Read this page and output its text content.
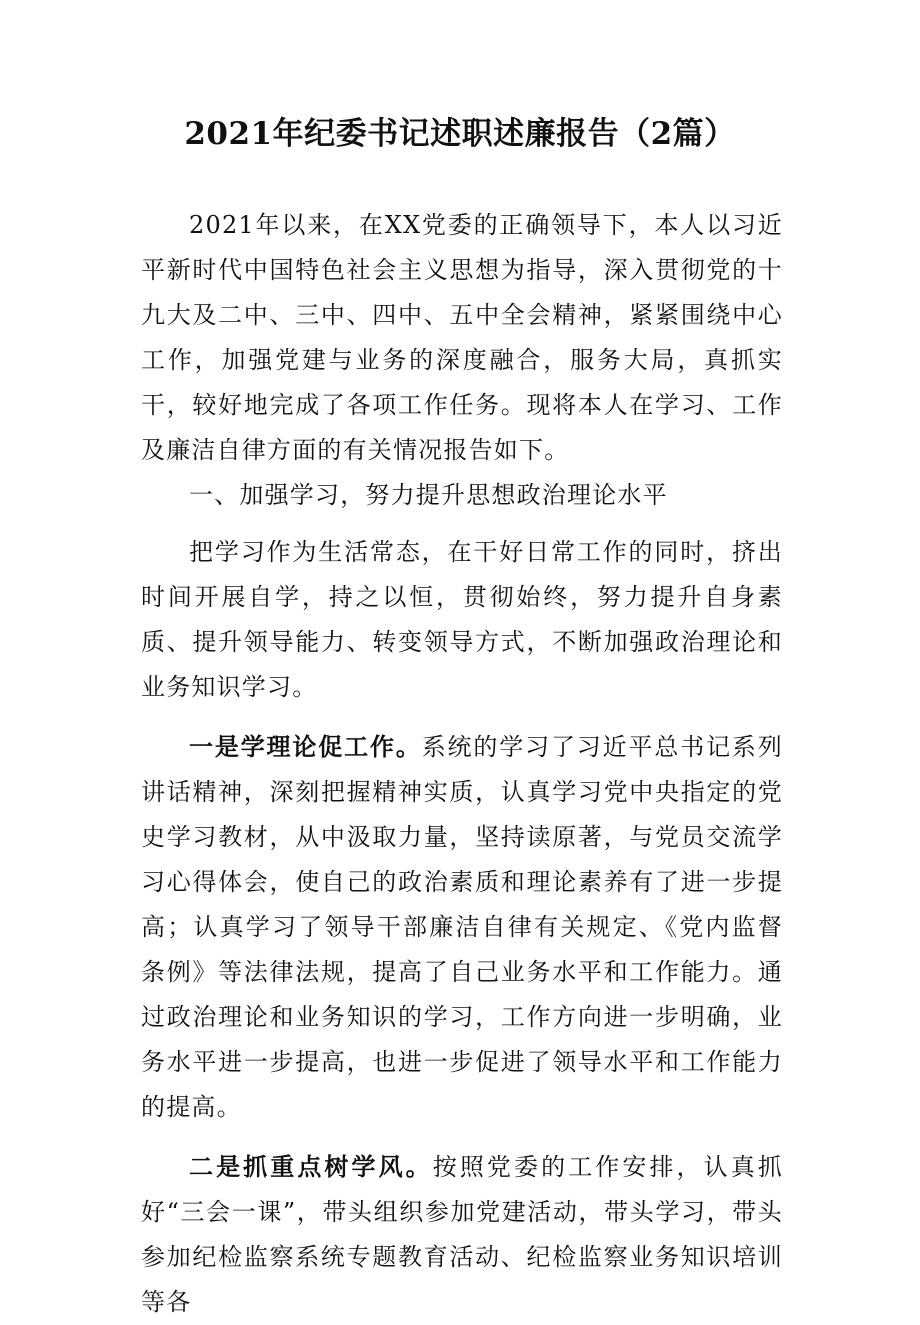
2021年纪委书记述职述廉报告（2篇）

2021年以来，在XX党委的正确领导下，本人以习近平新时代中国特色社会主义思想为指导，深入贯彻党的十九大及二中、三中、四中、五中全会精神，紧紧围绕中心工作，加强党建与业务的深度融合，服务大局，真抓实干，较好地完成了各项工作任务。现将本人在学习、工作及廉洁自律方面的有关情况报告如下。

一、加强学习，努力提升思想政治理论水平

把学习作为生活常态，在干好日常工作的同时，挤出时间开展自学，持之以恒，贯彻始终，努力提升自身素质、提升领导能力、转变领导方式，不断加强政治理论和业务知识学习。

一是学理论促工作。系统的学习了习近平总书记系列讲话精神，深刻把握精神实质，认真学习党中央指定的党史学习教材，从中汲取力量，坚持读原著，与党员交流学习心得体会，使自己的政治素质和理论素养有了进一步提高；认真学习了领导干部廉洁自律有关规定、《党内监督条例》等法律法规，提高了自己业务水平和工作能力。通过政治理论和业务知识的学习，工作方向进一步明确，业务水平进一步提高，也进一步促进了领导水平和工作能力的提高。

二是抓重点树学风。按照党委的工作安排，认真抓好“三会一课”，带头组织参加党建活动，带头学习，带头参加纪检监察系统专题教育活动、纪检监察业务知识培训等各
